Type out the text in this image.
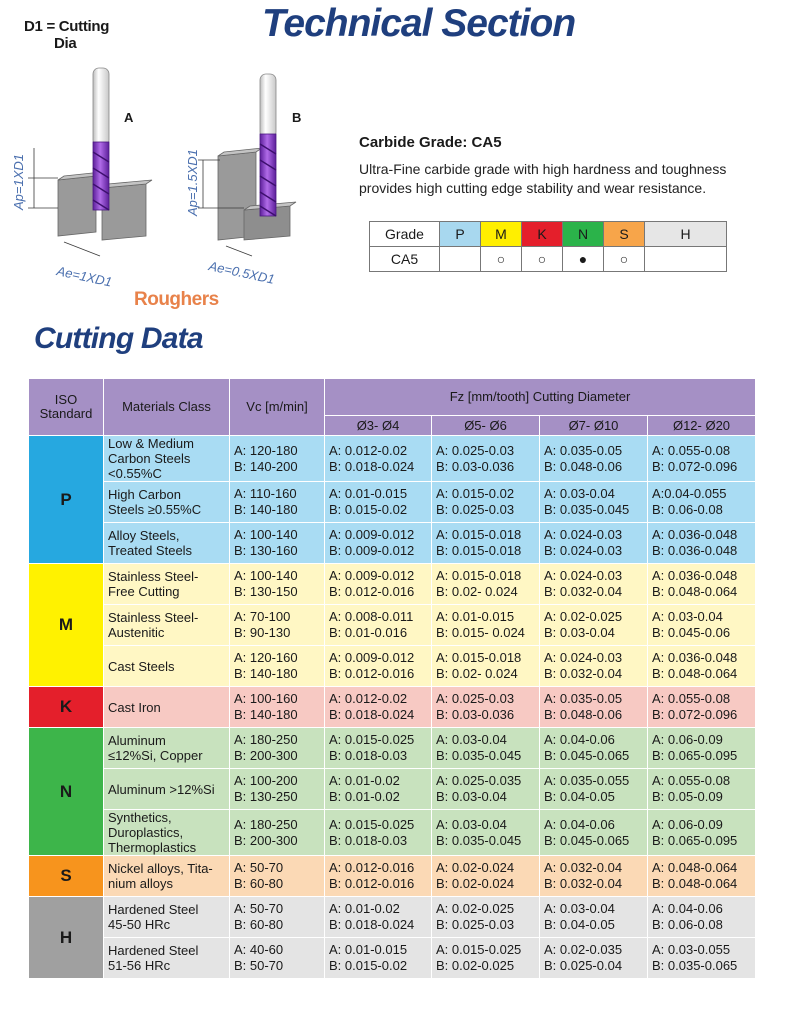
D1 = Cutting
Dia	Technical Section
A
Ap=1XD1
Ae=1XD1
B
Ap=1.5XD1
Ae=0.5XD1
Roughers
Carbide Grade: CA5
Ultra-Fine carbide grade with high hardness and toughness provides high cutting edge stability and wear resistance.
Grade	P	M	K	N	S	H
CA5		○	○	●	○	
Cutting Data
ISO Standard	Materials Class	Vc [m/min]	Fz [mm/tooth] Cutting Diameter			
			Ø3- Ø4	Ø5- Ø6	Ø7- Ø10	Ø12- Ø20
P	Low & Medium
Carbon Steels
<0.55%C	A: 120-180
B: 140-200	A: 0.012-0.02
B: 0.018-0.024	A: 0.025-0.03
B: 0.03-0.036	A: 0.035-0.05
B: 0.048-0.06	A: 0.055-0.08
B: 0.072-0.096

	High Carbon
Steels ≥0.55%C	A: 110-160
B: 140-180	A: 0.01-0.015
B: 0.015-0.02	A: 0.015-0.02
B: 0.025-0.03	A: 0.03-0.04
B: 0.035-0.045	A:0.04-0.055
B: 0.06-0.08

	Alloy Steels,
Treated Steels	A: 100-140
B: 130-160	A: 0.009-0.012
B: 0.009-0.012	A: 0.015-0.018
B: 0.015-0.018	A: 0.024-0.03
B: 0.024-0.03	A: 0.036-0.048
B: 0.036-0.048

M	Stainless Steel-
Free Cutting	A: 100-140
B: 130-150	A: 0.009-0.012
B: 0.012-0.016	A: 0.015-0.018
B: 0.02- 0.024	A: 0.024-0.03
B: 0.032-0.04	A: 0.036-0.048
B: 0.048-0.064

	Stainless Steel-
Austenitic	A: 70-100
B: 90-130	A: 0.008-0.011
B: 0.01-0.016	A: 0.01-0.015
B: 0.015- 0.024	A: 0.02-0.025
B: 0.03-0.04	A: 0.03-0.04
B: 0.045-0.06

	Cast Steels	A: 120-160
B: 140-180	A: 0.009-0.012
B: 0.012-0.016	A: 0.015-0.018
B: 0.02- 0.024	A: 0.024-0.03
B: 0.032-0.04	A: 0.036-0.048
B: 0.048-0.064

K	Cast Iron	A: 100-160
B: 140-180	A: 0.012-0.02
B: 0.018-0.024	A: 0.025-0.03
B: 0.03-0.036	A: 0.035-0.05
B: 0.048-0.06	A: 0.055-0.08
B: 0.072-0.096

N	Aluminum
≤12%Si, Copper	A: 180-250
B: 200-300	A: 0.015-0.025
B: 0.018-0.03	A: 0.03-0.04
B: 0.035-0.045	A: 0.04-0.06
B: 0.045-0.065	A: 0.06-0.09
B: 0.065-0.095

	Aluminum >12%Si	A: 100-200
B: 130-250	A: 0.01-0.02
B: 0.01-0.02	A: 0.025-0.035
B: 0.03-0.04	A: 0.035-0.055
B: 0.04-0.05	A: 0.055-0.08
B: 0.05-0.09

	Synthetics,
Duroplastics,
Thermoplastics	A: 180-250
B: 200-300	A: 0.015-0.025
B: 0.018-0.03	A: 0.03-0.04
B: 0.035-0.045	A: 0.04-0.06
B: 0.045-0.065	A: 0.06-0.09
B: 0.065-0.095

S	Nickel alloys, Tita-
nium alloys	A: 50-70
B: 60-80	A: 0.012-0.016
B: 0.012-0.016	A: 0.02-0.024
B: 0.02-0.024	A: 0.032-0.04
B: 0.032-0.04	A: 0.048-0.064
B: 0.048-0.064

H	Hardened Steel
45-50 HRc	A: 50-70
B: 60-80	A: 0.01-0.02
B: 0.018-0.024	A: 0.02-0.025
B: 0.025-0.03	A: 0.03-0.04
B: 0.04-0.05	A: 0.04-0.06
B: 0.06-0.08

	Hardened Steel
51-56 HRc	A: 40-60
B: 50-70	A: 0.01-0.015
B: 0.015-0.02	A: 0.015-0.025
B: 0.02-0.025	A: 0.02-0.035
B: 0.025-0.04	A: 0.03-0.055
B: 0.035-0.065
